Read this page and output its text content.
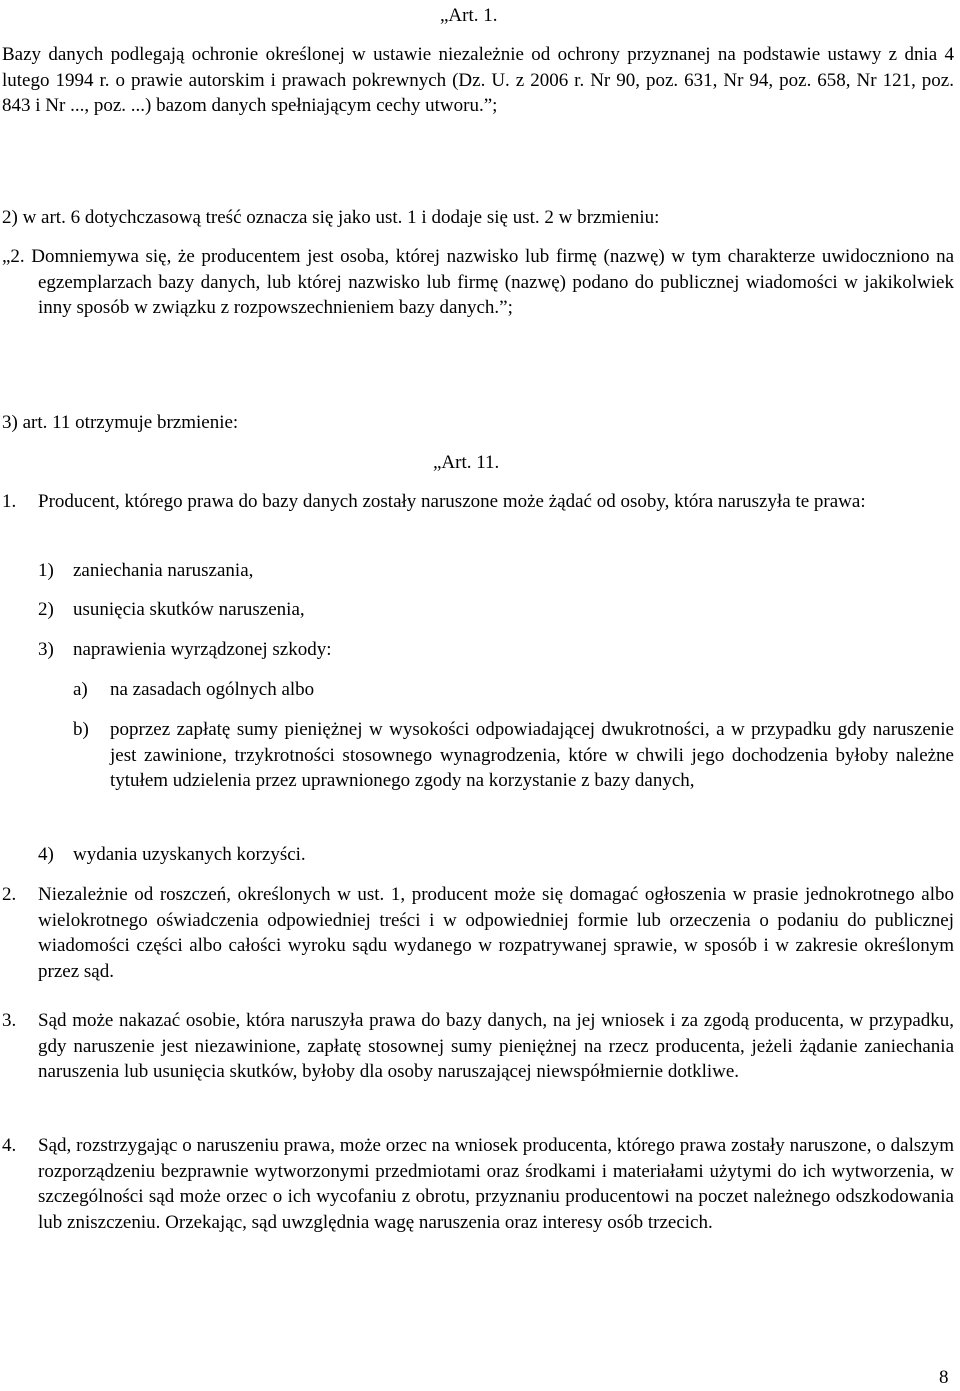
„Art. 1.

Bazy danych podlegają ochronie określonej w ustawie niezależnie od ochrony przyznanej na podstawie ustawy z dnia 4 lutego 1994 r. o prawie autorskim i prawach pokrewnych (Dz. U. z 2006 r. Nr 90, poz. 631, Nr 94, poz. 658, Nr 121, poz. 843 i Nr ..., poz. ...) bazom danych spełniającym cechy utworu.”;

2) w art. 6 dotychczasową treść oznacza się jako ust. 1 i dodaje się ust. 2 w brzmieniu:

„2. Domniemywa się, że producentem jest osoba, której nazwisko lub firmę (nazwę) w tym charakterze uwidoczniono na egzemplarzach bazy danych, lub której nazwisko lub firmę (nazwę) podano do publicznej wiadomości w jakikolwiek inny sposób w związku z rozpowszechnieniem bazy danych.”;

3) art. 11 otrzymuje brzmienie:

„Art. 11.

1. Producent, którego prawa do bazy danych zostały naruszone może żądać od osoby, która naruszyła te prawa:

1) zaniechania naruszania,

2) usunięcia skutków naruszenia,

3) naprawienia wyrządzonej szkody:

a) na zasadach ogólnych albo

b) poprzez zapłatę sumy pieniężnej w wysokości odpowiadającej dwukrotności, a w przypadku gdy naruszenie jest zawinione, trzykrotności stosownego wynagrodzenia, które w chwili jego dochodzenia byłoby należne tytułem udzielenia przez uprawnionego zgody na korzystanie z bazy danych,

4) wydania uzyskanych korzyści.

2. Niezależnie od roszczeń, określonych w ust. 1, producent może się domagać ogłoszenia w prasie jednokrotnego albo wielokrotnego oświadczenia odpowiedniej treści i w odpowiedniej formie lub orzeczenia o podaniu do publicznej wiadomości części albo całości wyroku sądu wydanego w rozpatrywanej sprawie, w sposób i w zakresie określonym przez sąd.

3. Sąd może nakazać osobie, która naruszyła prawa do bazy danych, na jej wniosek i za zgodą producenta, w przypadku, gdy naruszenie jest niezawinione, zapłatę stosownej sumy pieniężnej na rzecz producenta, jeżeli żądanie zaniechania naruszenia lub usunięcia skutków, byłoby dla osoby naruszającej niewspółmiernie dotkliwe.

4. Sąd, rozstrzygając o naruszeniu prawa, może orzec na wniosek producenta, którego prawa zostały naruszone, o dalszym rozporządzeniu bezprawnie wytworzonymi przedmiotami oraz środkami i materiałami użytymi do ich wytworzenia, w szczególności sąd może orzec o ich wycofaniu z obrotu, przyznaniu producentowi na poczet należnego odszkodowania lub zniszczeniu. Orzekając, sąd uwzględnia wagę naruszenia oraz interesy osób trzecich.

8
